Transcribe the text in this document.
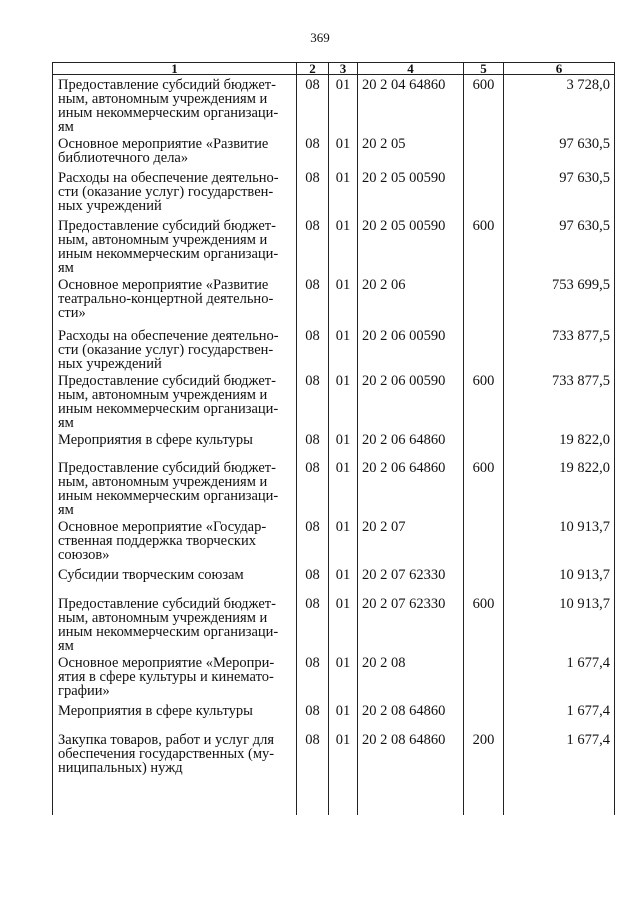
369
1	2	3	4	5	6
Предоставление субсидий бюджет-ным, автономным учреждениям и иным некоммерческим организаци-ям	08	01	20 2 04 64860	600	3 728,0
Основное мероприятие «Развитие библиотечного дела»	08	01	20 2 05		97 630,5
Расходы на обеспечение деятельно-сти (оказание услуг) государствен-ных учреждений	08	01	20 2 05 00590		97 630,5
Предоставление субсидий бюджет-ным, автономным учреждениям и иным некоммерческим организаци-ям	08	01	20 2 05 00590	600	97 630,5
Основное мероприятие «Развитие театрально-концертной деятельно-сти»	08	01	20 2 06		753 699,5
Расходы на обеспечение деятельно-сти (оказание услуг) государствен-ных учреждений	08	01	20 2 06 00590		733 877,5
Предоставление субсидий бюджет-ным, автономным учреждениям и иным некоммерческим организаци-ям	08	01	20 2 06 00590	600	733 877,5
Мероприятия в сфере культуры	08	01	20 2 06 64860		19 822,0
Предоставление субсидий бюджет-ным, автономным учреждениям и иным некоммерческим организаци-ям	08	01	20 2 06 64860	600	19 822,0
Основное мероприятие «Государ-ственная поддержка творческих союзов»	08	01	20 2 07		10 913,7
Субсидии творческим союзам	08	01	20 2 07 62330		10 913,7
Предоставление субсидий бюджет-ным, автономным учреждениям и иным некоммерческим организаци-ям	08	01	20 2 07 62330	600	10 913,7
Основное мероприятие «Меропри-ятия в сфере культуры и кинемато-графии»	08	01	20 2 08		1 677,4
Мероприятия в сфере культуры	08	01	20 2 08 64860		1 677,4
Закупка товаров, работ и услуг для обеспечения государственных (му-ниципальных) нужд	08	01	20 2 08 64860	200	1 677,4
